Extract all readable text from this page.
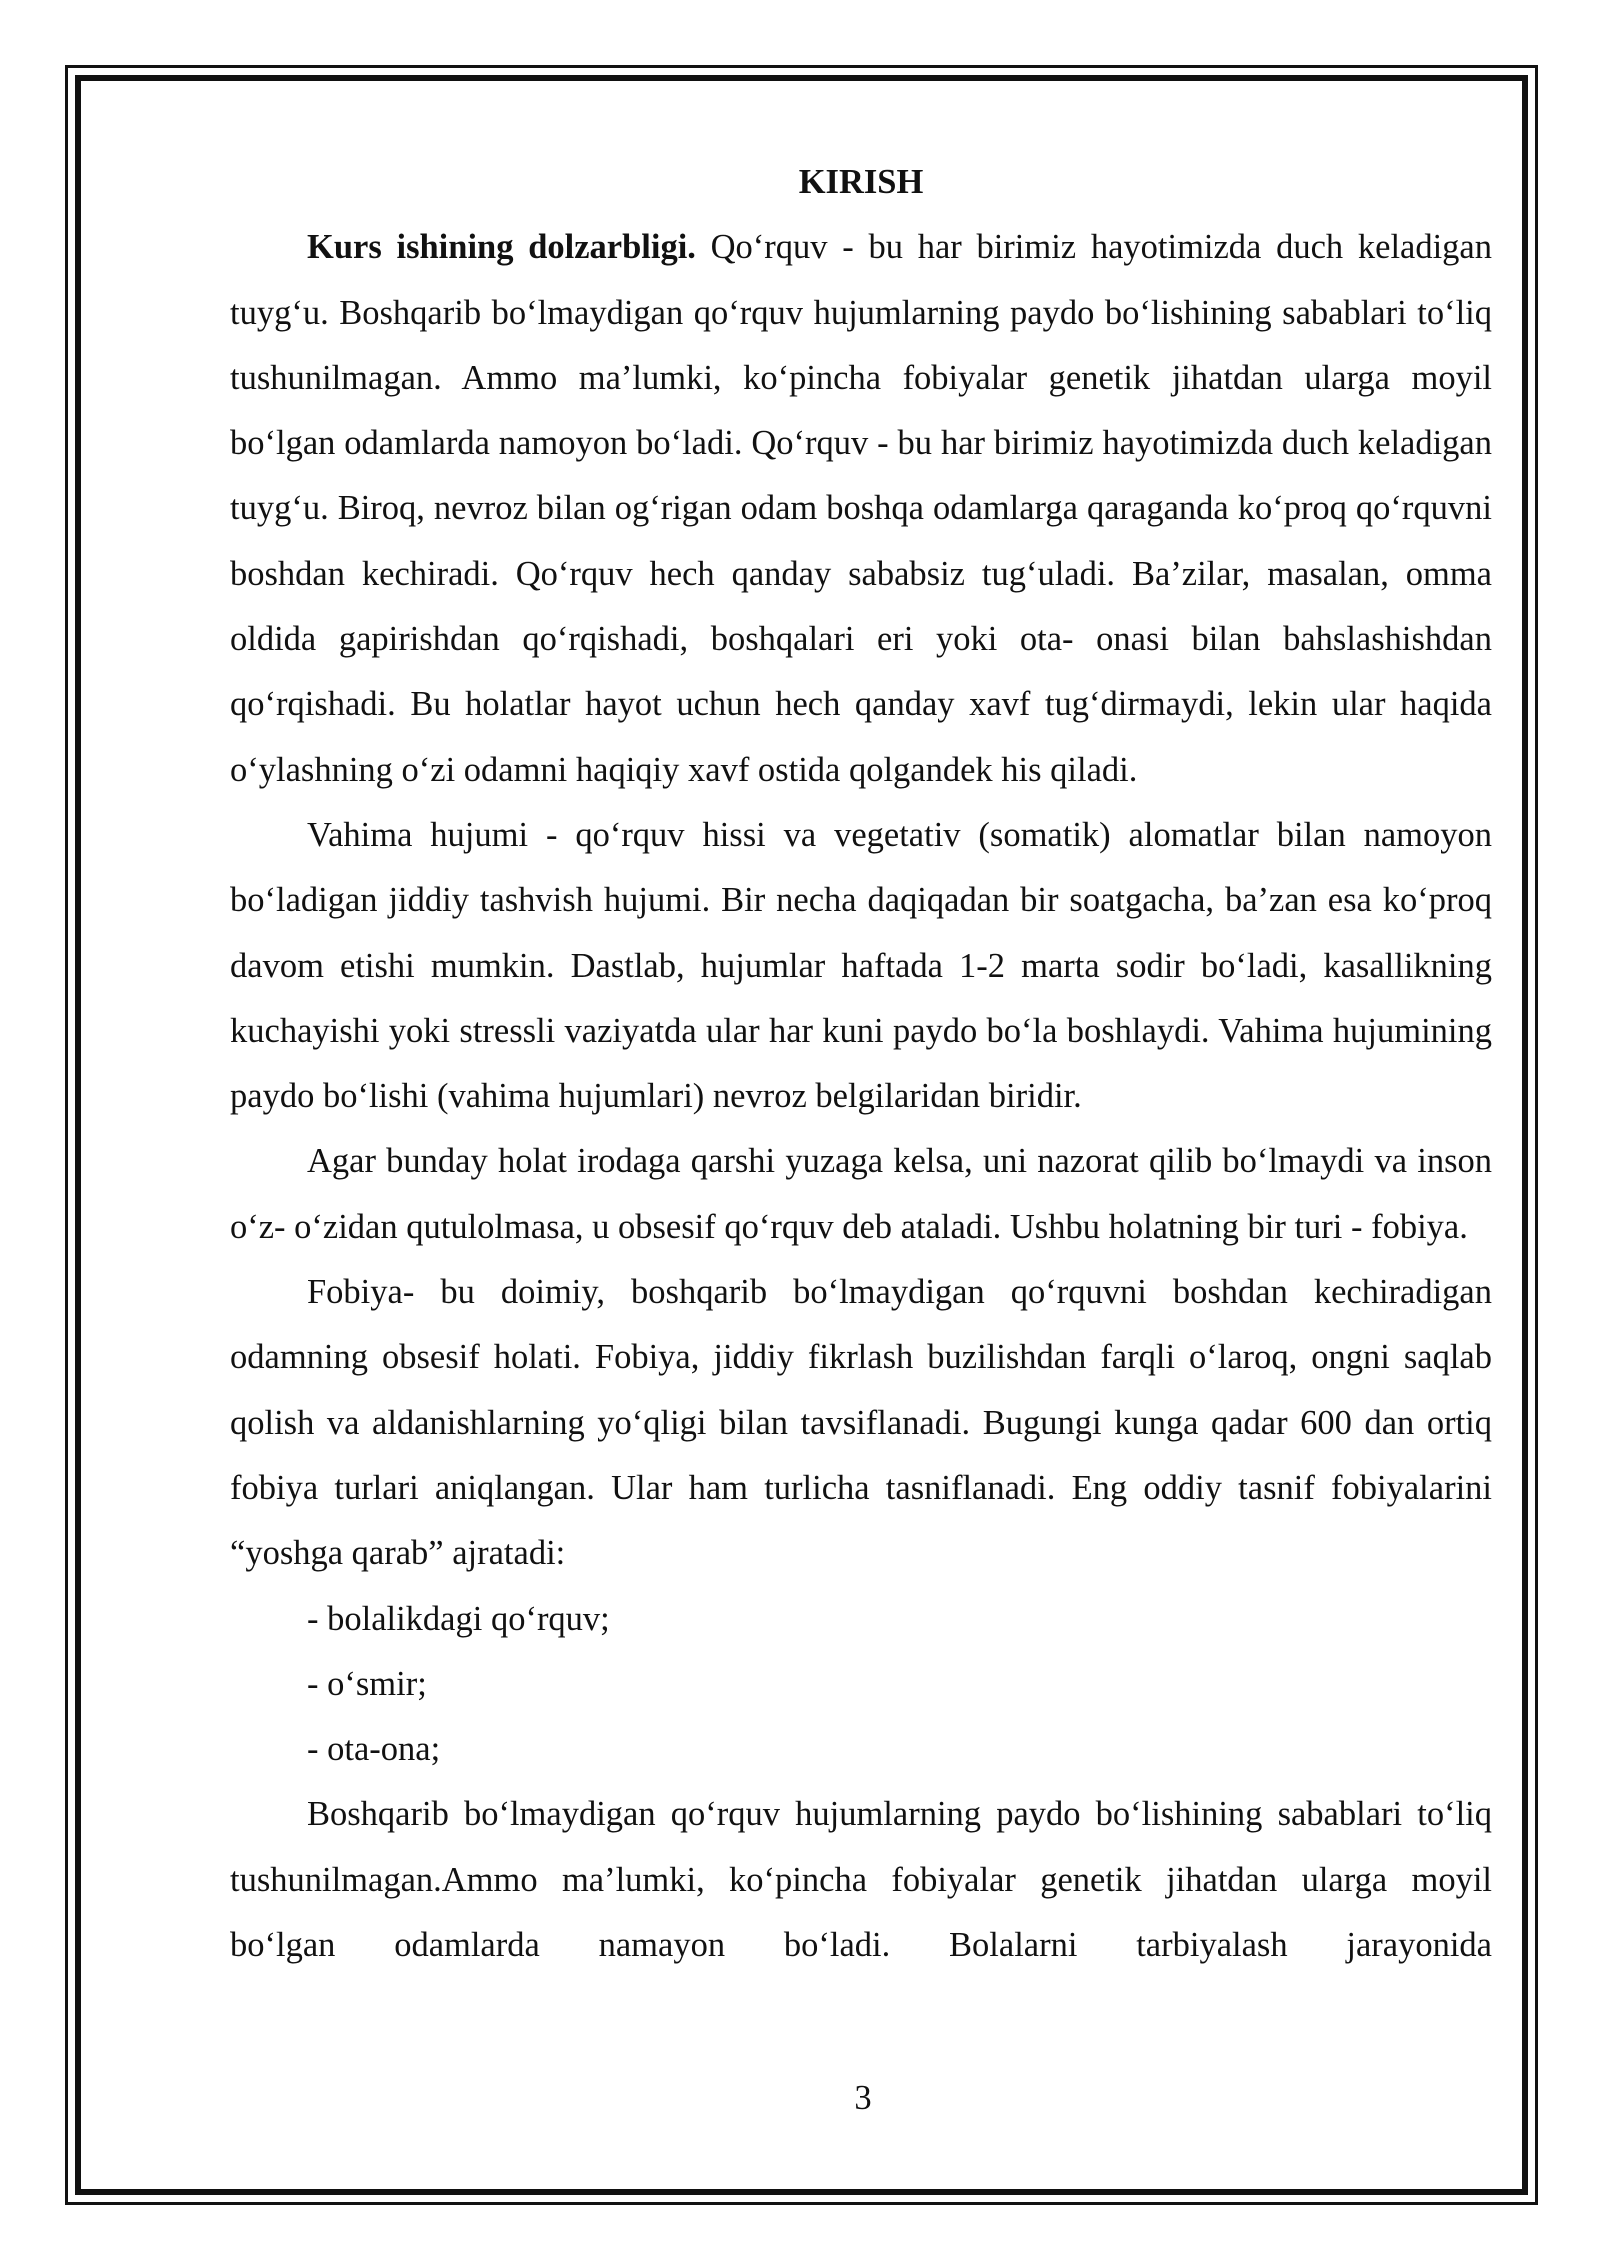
KIRISH

Kurs ishining dolzarbligi. Qo‘rquv - bu har birimiz hayotimizda duch keladigan tuyg‘u. Boshqarib bo‘lmaydigan qo‘rquv hujumlarning paydo bo‘lishining sabablari to‘liq tushunilmagan. Ammo ma’lumki, ko‘pincha fobiyalar genetik jihatdan ularga moyil bo‘lgan odamlarda namoyon bo‘ladi. Qo‘rquv - bu har birimiz hayotimizda duch keladigan tuyg‘u. Biroq, nevroz bilan og‘rigan odam boshqa odamlarga qaraganda ko‘proq qo‘rquvni boshdan kechiradi. Qo‘rquv hech qanday sababsiz tug‘uladi. Ba’zilar, masalan, omma oldida gapirishdan qo‘rqishadi, boshqalari eri yoki ota- onasi bilan bahslashishdan qo‘rqishadi. Bu holatlar hayot uchun hech qanday xavf tug‘dirmaydi, lekin ular haqida o‘ylashning o‘zi odamni haqiqiy xavf ostida qolgandek his qiladi.

Vahima hujumi - qo‘rquv hissi va vegetativ (somatik) alomatlar bilan namoyon bo‘ladigan jiddiy tashvish hujumi. Bir necha daqiqadan bir soatgacha, ba’zan esa ko‘proq davom etishi mumkin. Dastlab, hujumlar haftada 1-2 marta sodir bo‘ladi, kasallikning kuchayishi yoki stressli vaziyatda ular har kuni paydo bo‘la boshlaydi. Vahima hujumining paydo bo‘lishi (vahima hujumlari) nevroz belgilaridan biridir.

Agar bunday holat irodaga qarshi yuzaga kelsa, uni nazorat qilib bo‘lmaydi va inson o‘z- o‘zidan qutulolmasa, u obsesif qo‘rquv deb ataladi. Ushbu holatning bir turi - fobiya.

Fobiya- bu doimiy, boshqarib bo‘lmaydigan qo‘rquvni boshdan kechiradigan odamning obsesif holati. Fobiya, jiddiy fikrlash buzilishdan farqli o‘laroq, ongni saqlab qolish va aldanishlarning yo‘qligi bilan tavsiflanadi. Bugungi kunga qadar 600 dan ortiq fobiya turlari aniqlangan. Ular ham turlicha tasniflanadi. Eng oddiy tasnif fobiyalarini “yoshga qarab” ajratadi:

- bolalikdagi qo‘rquv;

- o‘smir;

- ota-ona;

Boshqarib bo‘lmaydigan qo‘rquv hujumlarning paydo bo‘lishining sabablari to‘liq tushunilmagan.Ammo ma’lumki, ko‘pincha fobiyalar genetik jihatdan ularga moyil bo‘lgan odamlarda namayon bo‘ladi. Bolalarni tarbiyalash jarayonida

3
